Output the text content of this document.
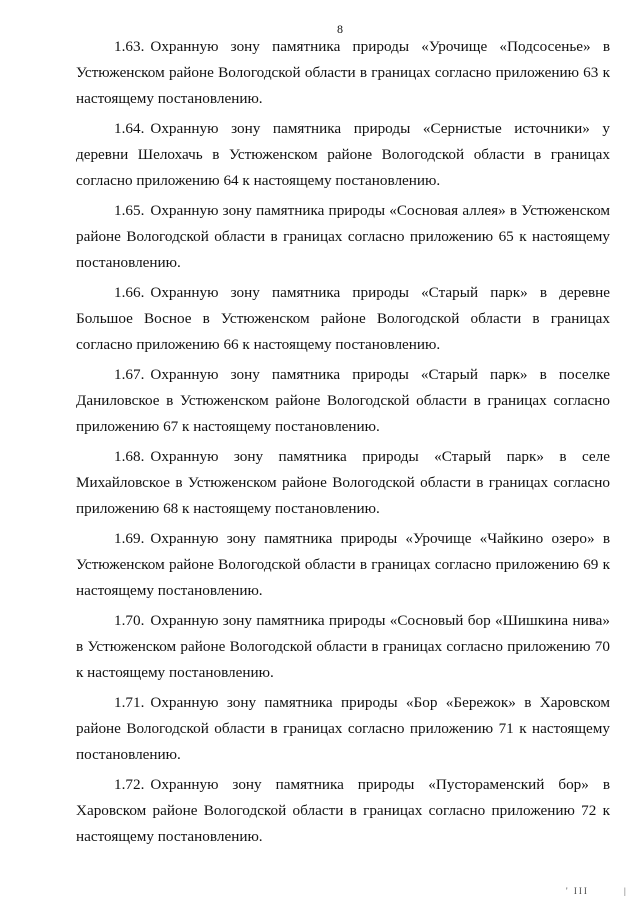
8

1.63. Охранную зону памятника природы «Урочище «Подсосенье» в Устюженском районе Вологодской области в границах согласно приложению 63 к настоящему постановлению.

1.64. Охранную зону памятника природы «Сернистые источники» у деревни Шелохачь в Устюженском районе Вологодской области в границах согласно приложению 64 к настоящему постановлению.

1.65. Охранную зону памятника природы «Сосновая аллея» в Устюженском районе Вологодской области в границах согласно приложению 65 к настоящему постановлению.

1.66. Охранную зону памятника природы «Старый парк» в деревне Большое Восное в Устюженском районе Вологодской области в границах согласно приложению 66 к настоящему постановлению.

1.67. Охранную зону памятника природы «Старый парк» в поселке Даниловское в Устюженском районе Вологодской области в границах согласно приложению 67 к настоящему постановлению.

1.68. Охранную зону памятника природы «Старый парк» в селе Михайловское в Устюженском районе Вологодской области в границах согласно приложению 68 к настоящему постановлению.

1.69. Охранную зону памятника природы «Урочище «Чайкино озеро» в Устюженском районе Вологодской области в границах согласно приложению 69 к настоящему постановлению.

1.70. Охранную зону памятника природы «Сосновый бор «Шишкина нива» в Устюженском районе Вологодской области в границах согласно приложению 70 к настоящему постановлению.

1.71. Охранную зону памятника природы «Бор «Бережок» в Харовском районе Вологодской области в границах согласно приложению 71 к настоящему постановлению.

1.72. Охранную зону памятника природы «Пустораменский бор» в Харовском районе Вологодской области в границах согласно приложению 72 к настоящему постановлению.

' III	|
